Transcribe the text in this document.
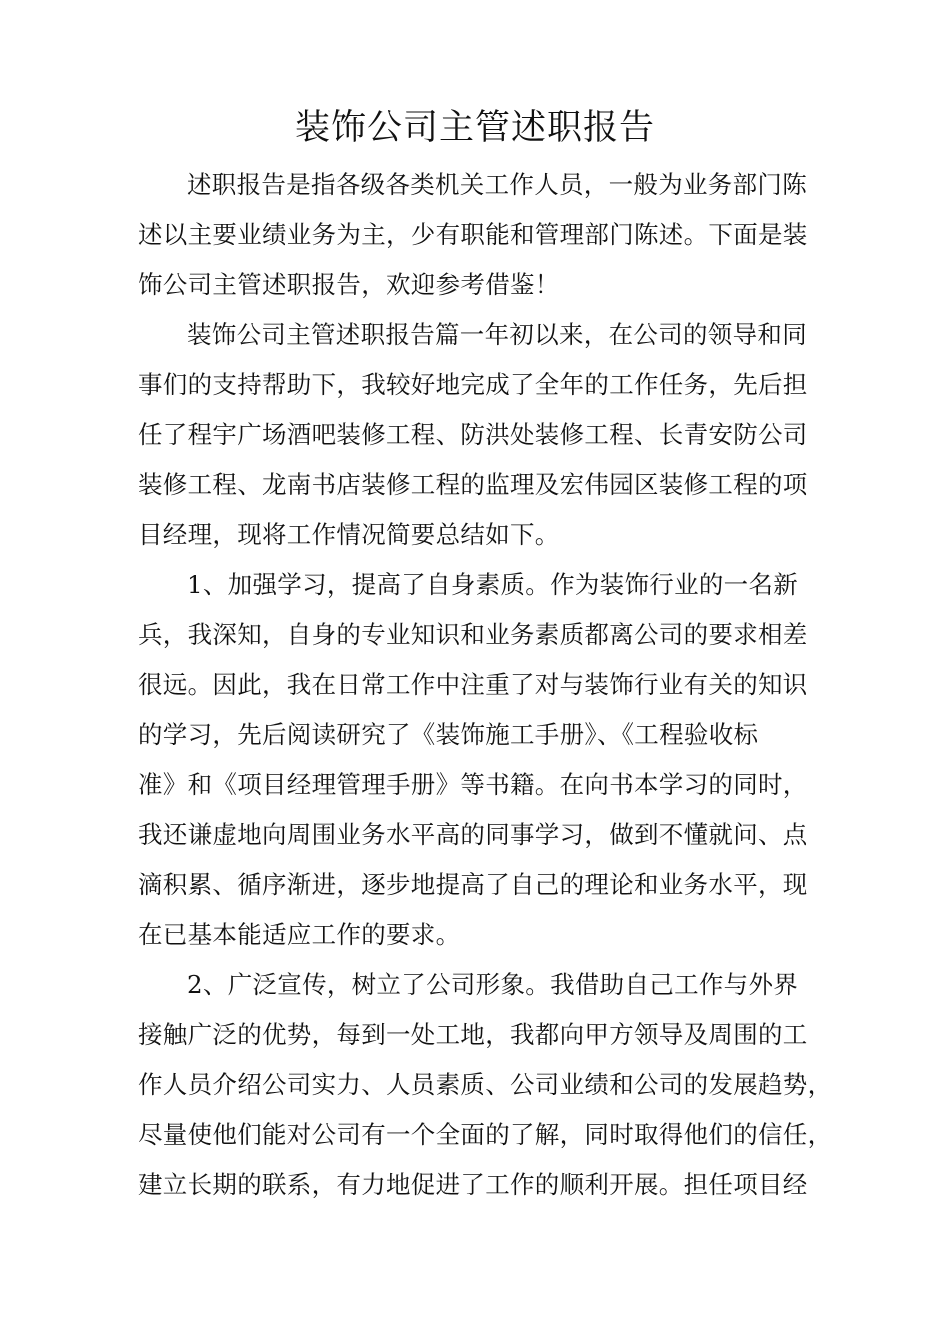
装饰公司主管述职报告
述职报告是指各级各类机关工作人员，一般为业务部门陈
述以主要业绩业务为主，少有职能和管理部门陈述。下面是装
饰公司主管述职报告，欢迎参考借鉴！
装饰公司主管述职报告篇一年初以来，在公司的领导和同
事们的支持帮助下，我较好地完成了全年的工作任务，先后担
任了程宇广场酒吧装修工程、防洪处装修工程、长青安防公司
装修工程、龙南书店装修工程的监理及宏伟园区装修工程的项
目经理，现将工作情况简要总结如下。
1、加强学习，提高了自身素质。作为装饰行业的一名新
兵，我深知，自身的专业知识和业务素质都离公司的要求相差
很远。因此，我在日常工作中注重了对与装饰行业有关的知识
的学习，先后阅读研究了《装饰施工手册》、《工程验收标
准》和《项目经理管理手册》等书籍。在向书本学习的同时，
我还谦虚地向周围业务水平高的同事学习，做到不懂就问、点
滴积累、循序渐进，逐步地提高了自己的理论和业务水平，现
在已基本能适应工作的要求。
2、广泛宣传，树立了公司形象。我借助自己工作与外界
接触广泛的优势，每到一处工地，我都向甲方领导及周围的工
作人员介绍公司实力、人员素质、公司业绩和公司的发展趋势，
尽量使他们能对公司有一个全面的了解，同时取得他们的信任，
建立长期的联系，有力地促进了工作的顺利开展。担任项目经
